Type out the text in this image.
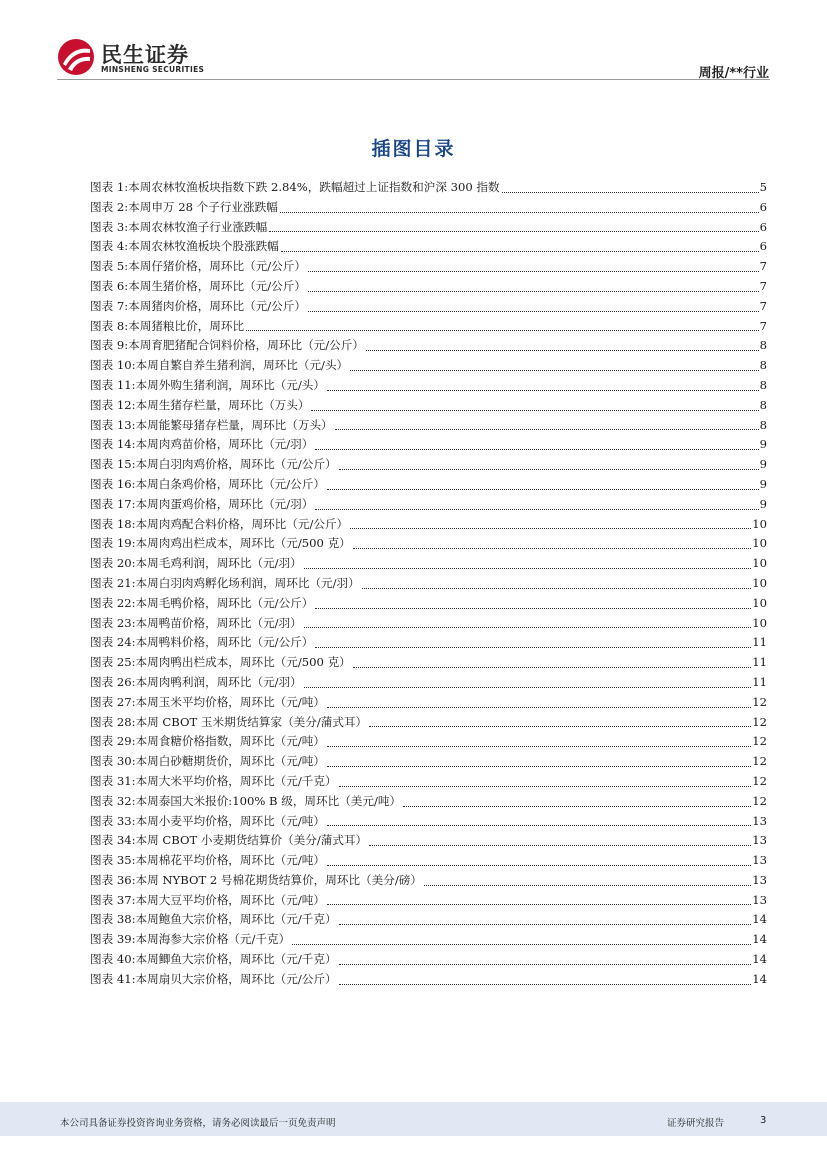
民生证券
MINSHENG SECURITIES	周报/**行业
插图目录
图表 1:本周农林牧渔板块指数下跌 2.84%，跌幅超过上证指数和沪深 300 指数	5
图表 2:本周申万 28 个子行业涨跌幅	6
图表 3:本周农林牧渔子行业涨跌幅	6
图表 4:本周农林牧渔板块个股涨跌幅	6
图表 5:本周仔猪价格，周环比（元/公斤）	7
图表 6:本周生猪价格，周环比（元/公斤）	7
图表 7:本周猪肉价格，周环比（元/公斤）	7
图表 8:本周猪粮比价，周环比	7
图表 9:本周育肥猪配合饲料价格，周环比（元/公斤）	8
图表 10:本周自繁自养生猪利润，周环比（元/头）	8
图表 11:本周外购生猪利润，周环比（元/头）	8
图表 12:本周生猪存栏量，周环比（万头）	8
图表 13:本周能繁母猪存栏量，周环比（万头）	8
图表 14:本周肉鸡苗价格，周环比（元/羽）	9
图表 15:本周白羽肉鸡价格，周环比（元/公斤）	9
图表 16:本周白条鸡价格，周环比（元/公斤）	9
图表 17:本周肉蛋鸡价格，周环比（元/羽）	9
图表 18:本周肉鸡配合料价格，周环比（元/公斤）	10
图表 19:本周肉鸡出栏成本，周环比（元/500 克）	10
图表 20:本周毛鸡利润，周环比（元/羽）	10
图表 21:本周白羽肉鸡孵化场利润，周环比（元/羽）	10
图表 22:本周毛鸭价格，周环比（元/公斤）	10
图表 23:本周鸭苗价格，周环比（元/羽）	10
图表 24:本周鸭料价格，周环比（元/公斤）	11
图表 25:本周肉鸭出栏成本，周环比（元/500 克）	11
图表 26:本周肉鸭利润，周环比（元/羽）	11
图表 27:本周玉米平均价格，周环比（元/吨）	12
图表 28:本周 CBOT 玉米期货结算家（美分/蒲式耳）	12
图表 29:本周食糖价格指数，周环比（元/吨）	12
图表 30:本周白砂糖期货价，周环比（元/吨）	12
图表 31:本周大米平均价格，周环比（元/千克）	12
图表 32:本周泰国大米报价:100% B 级，周环比（美元/吨）	12
图表 33:本周小麦平均价格，周环比（元/吨）	13
图表 34:本周 CBOT 小麦期货结算价（美分/蒲式耳）	13
图表 35:本周棉花平均价格，周环比（元/吨）	13
图表 36:本周 NYBOT 2 号棉花期货结算价，周环比（美分/磅）	13
图表 37:本周大豆平均价格，周环比（元/吨）	13
图表 38:本周鲍鱼大宗价格，周环比（元/千克）	14
图表 39:本周海参大宗价格（元/千克）	14
图表 40:本周鲫鱼大宗价格，周环比（元/千克）	14
图表 41:本周扇贝大宗价格，周环比（元/公斤）	14
本公司具备证券投资咨询业务资格，请务必阅读最后一页免责声明	证券研究报告	3
